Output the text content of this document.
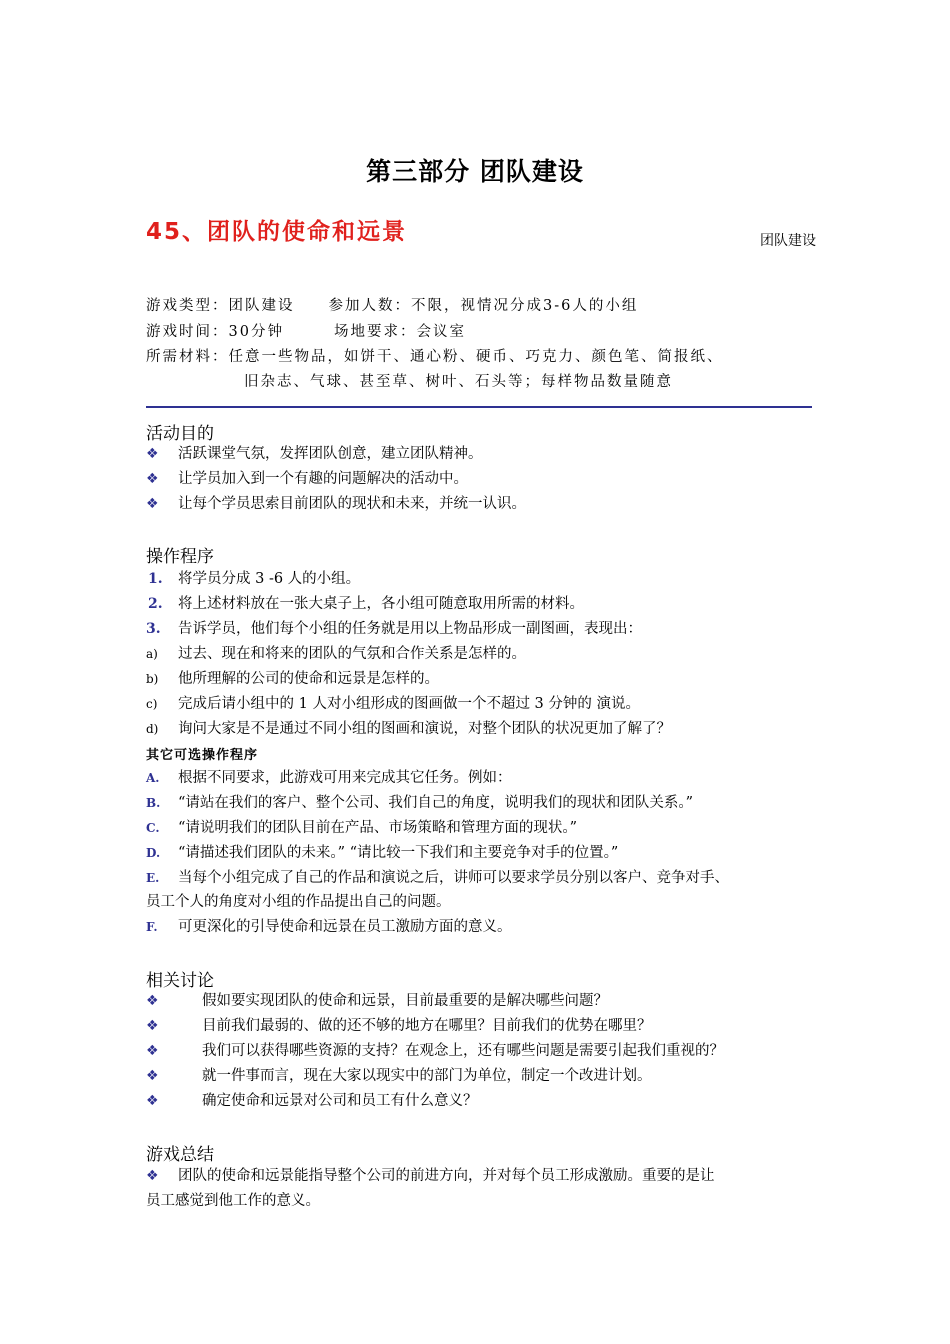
第三部分 团队建设
45、团队的使命和远景	团队建设
游戏类型：团队建设 参加人数：不限，视情况分成3-6人的小组
游戏时间：30分钟	场地要求：会议室
所需材料：任意一些物品，如饼干、通心粉、硬币、巧克力、颜色笔、简报纸、
旧杂志、气球、甚至草、树叶、石头等；每样物品数量随意
活动目的
❖ 活跃课堂气氛，发挥团队创意，建立团队精神。
❖ 让学员加入到一个有趣的问题解决的活动中。
❖ 让每个学员思索目前团队的现状和未来，并统一认识。
操作程序
1. 将学员分成 3 -6 人的小组。
2. 将上述材料放在一张大桌子上，各小组可随意取用所需的材料。
3. 告诉学员，他们每个小组的任务就是用以上物品形成一副图画，表现出：
a) 过去、现在和将来的团队的气氛和合作关系是怎样的。
b) 他所理解的公司的使命和远景是怎样的。
c) 完成后请小组中的 1 人对小组形成的图画做一个不超过 3 分钟的 演说。
d) 询问大家是不是通过不同小组的图画和演说，对整个团队的状况更加了解了？
其它可选操作程序
A. 根据不同要求，此游戏可用来完成其它任务。例如：
B. “请站在我们的客户、整个公司、我们自己的角度，说明我们的现状和团队关系。”
C. “请说明我们的团队目前在产品、市场策略和管理方面的现状。”
D. “请描述我们团队的未来。” “请比较一下我们和主要竞争对手的位置。”
E. 当每个小组完成了自己的作品和演说之后，讲师可以要求学员分别以客户、竞争对手、
员工个人的角度对小组的作品提出自己的问题。
F. 可更深化的引导使命和远景在员工激励方面的意义。
相关讨论
❖	假如要实现团队的使命和远景，目前最重要的是解决哪些问题？
❖	目前我们最弱的、做的还不够的地方在哪里？目前我们的优势在哪里？
❖	我们可以获得哪些资源的支持？在观念上，还有哪些问题是需要引起我们重视的？
❖	就一件事而言，现在大家以现实中的部门为单位，制定一个改进计划。
❖	确定使命和远景对公司和员工有什么意义？
游戏总结
❖ 团队的使命和远景能指导整个公司的前进方向，并对每个员工形成激励。重要的是让
员工感觉到他工作的意义。
